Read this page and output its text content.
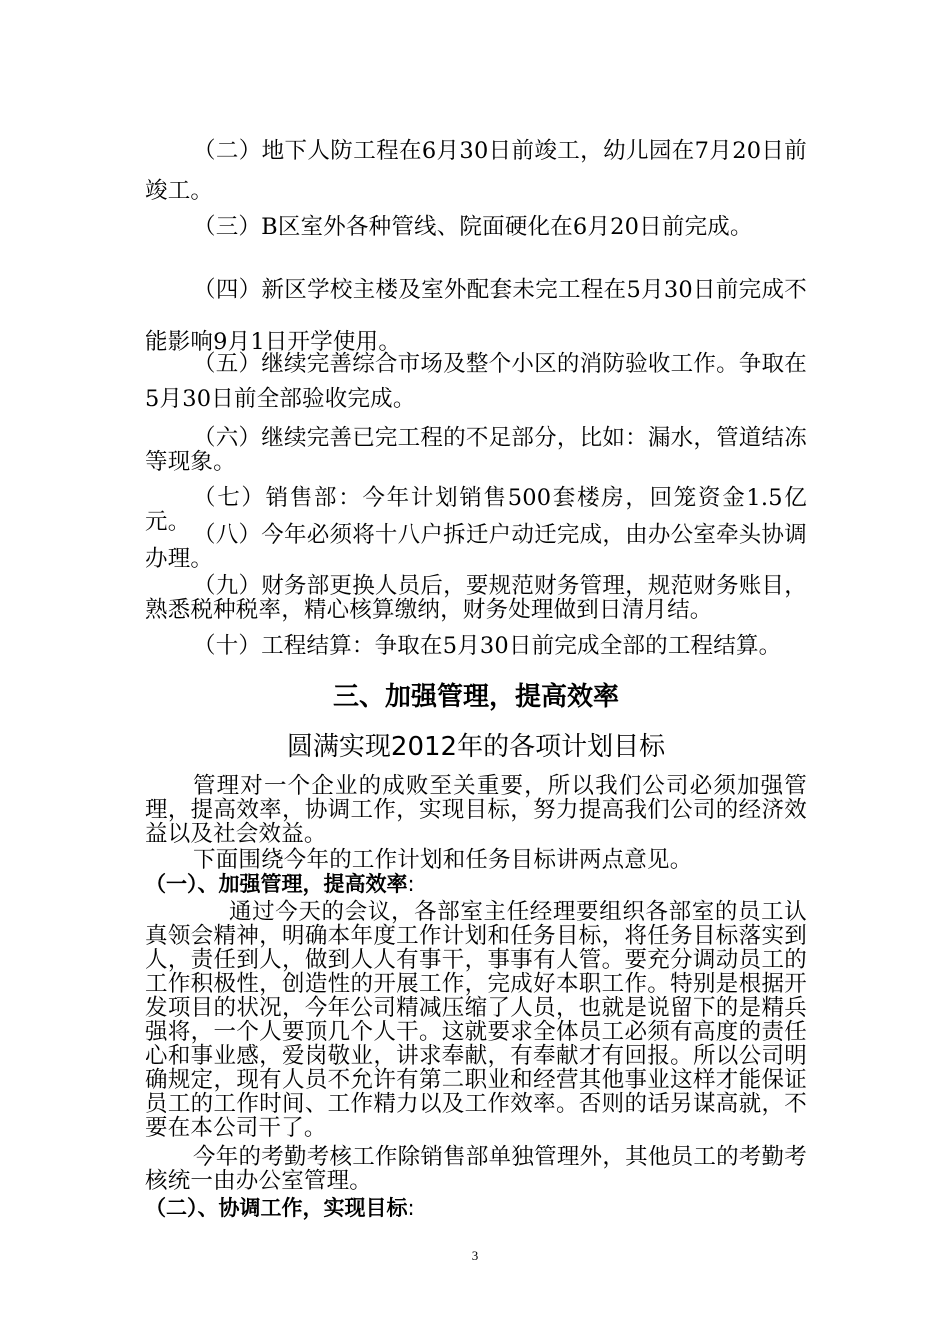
（二）地下人防工程在6月30日前竣工，幼儿园在7月20日前竣工。

（三）B区室外各种管线、院面硬化在6月20日前完成。

（四）新区学校主楼及室外配套未完工程在5月30日前完成不能影响9月1日开学使用。

（五）继续完善综合市场及整个小区的消防验收工作。争取在5月30日前全部验收完成。

（六）继续完善已完工程的不足部分，比如：漏水，管道结冻等现象。

（七）销售部：今年计划销售500套楼房，回笼资金1.5亿元。 （八）今年必须将十八户拆迁户动迁完成，由办公室牵头协调办理。

（九）财务部更换人员后，要规范财务管理，规范财务账目，熟悉税种税率，精心核算缴纳，财务处理做到日清月结。

（十）工程结算：争取在5月30日前完成全部的工程结算。

三、加强管理，提高效率
圆满实现2012年的各项计划目标

管理对一个企业的成败至关重要，所以我们公司必须加强管理，提高效率，协调工作，实现目标，努力提高我们公司的经济效益以及社会效益。

下面围绕今年的工作计划和任务目标讲两点意见。

（一）、加强管理，提高效率:

通过今天的会议，各部室主任经理要组织各部室的员工认真领会精神，明确本年度工作计划和任务目标，将任务目标落实到人，责任到人，做到人人有事干，事事有人管。要充分调动员工的工作积极性，创造性的开展工作，完成好本职工作。特别是根据开发项目的状况，今年公司精减压缩了人员，也就是说留下的是精兵强将，一个人要顶几个人干。这就要求全体员工必须有高度的责任心和事业感，爱岗敬业，讲求奉献，有奉献才有回报。所以公司明确规定，现有人员不允许有第二职业和经营其他事业这样才能保证员工的工作时间、工作精力以及工作效率。否则的话另谋高就，不要在本公司干了。

今年的考勤考核工作除销售部单独管理外，其他员工的考勤考核统一由办公室管理。

（二）、协调工作，实现目标:
3
